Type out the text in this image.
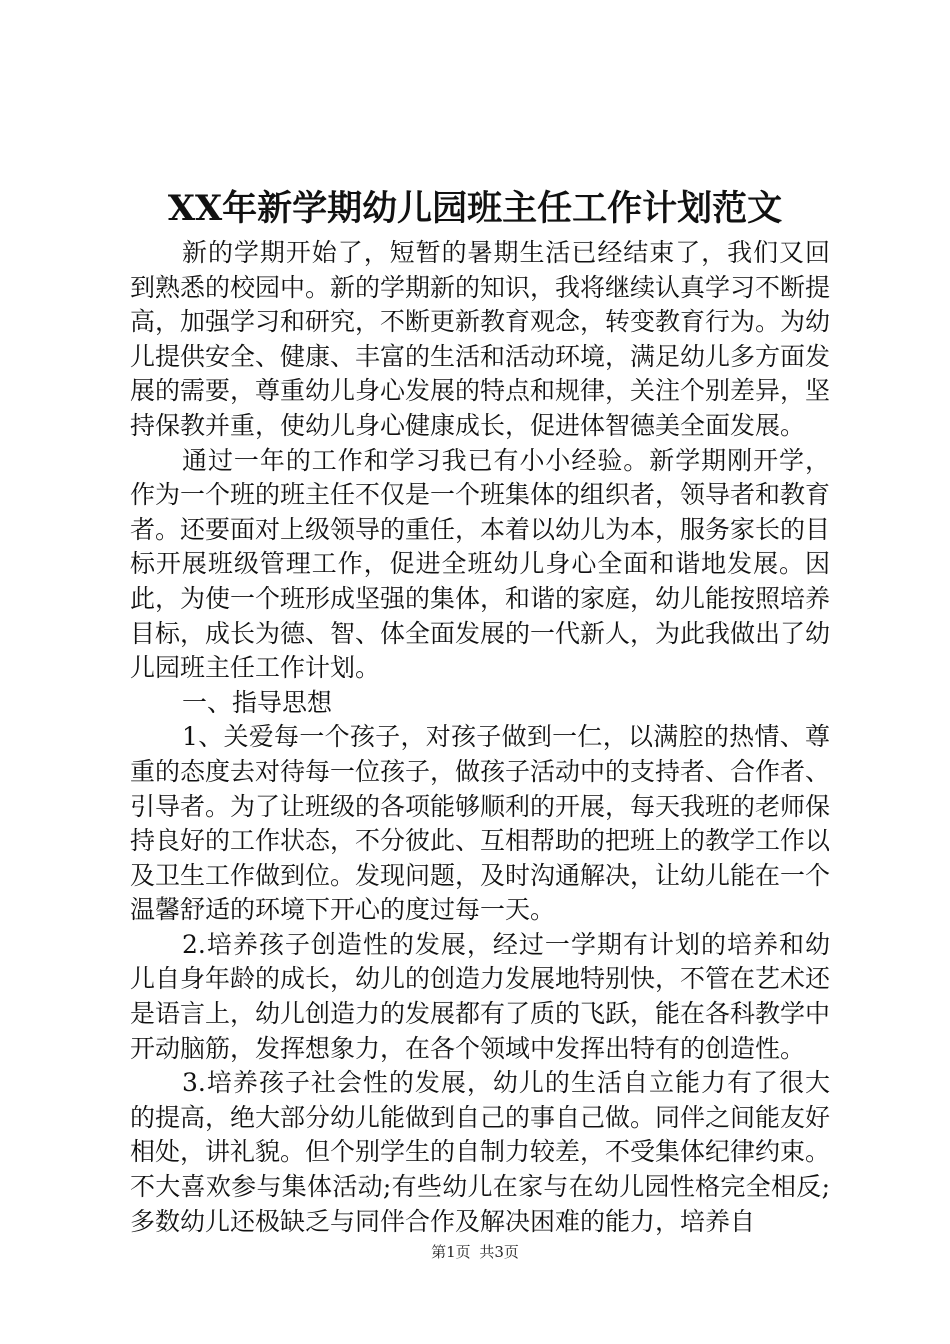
XX年新学期幼儿园班主任工作计划范文

新的学期开始了，短暂的暑期生活已经结束了，我们又回到熟悉的校园中。新的学期新的知识，我将继续认真学习不断提高，加强学习和研究，不断更新教育观念，转变教育行为。为幼儿提供安全、健康、丰富的生活和活动环境，满足幼儿多方面发展的需要，尊重幼儿身心发展的特点和规律，关注个别差异，坚持保教并重，使幼儿身心健康成长，促进体智德美全面发展。

通过一年的工作和学习我已有小小经验。新学期刚开学，作为一个班的班主任不仅是一个班集体的组织者，领导者和教育者。还要面对上级领导的重任，本着以幼儿为本，服务家长的目标开展班级管理工作，促进全班幼儿身心全面和谐地发展。因此，为使一个班形成坚强的集体，和谐的家庭，幼儿能按照培养目标，成长为德、智、体全面发展的一代新人，为此我做出了幼儿园班主任工作计划。

一、指导思想

1、关爱每一个孩子，对孩子做到一仁，以满腔的热情、尊重的态度去对待每一位孩子，做孩子活动中的支持者、合作者、引导者。为了让班级的各项能够顺利的开展，每天我班的老师保持良好的工作状态，不分彼此、互相帮助的把班上的教学工作以及卫生工作做到位。发现问题，及时沟通解决，让幼儿能在一个温馨舒适的环境下开心的度过每一天。

2.培养孩子创造性的发展，经过一学期有计划的培养和幼儿自身年龄的成长，幼儿的创造力发展地特别快，不管在艺术还是语言上，幼儿创造力的发展都有了质的飞跃，能在各科教学中开动脑筋，发挥想象力，在各个领域中发挥出特有的创造性。

3.培养孩子社会性的发展，幼儿的生活自立能力有了很大的提高，绝大部分幼儿能做到自己的事自己做。同伴之间能友好相处，讲礼貌。但个别学生的自制力较差，不受集体纪律约束。不大喜欢参与集体活动;有些幼儿在家与在幼儿园性格完全相反;多数幼儿还极缺乏与同伴合作及解决困难的能力，培养自

第1页 共3页
